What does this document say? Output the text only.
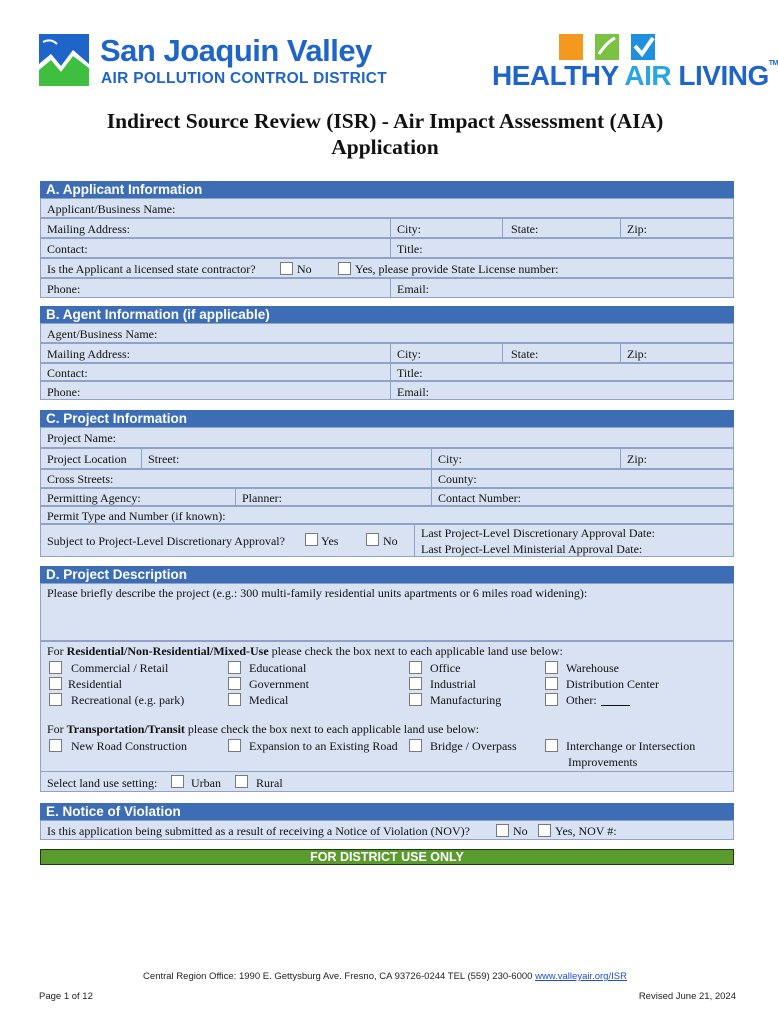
San Joaquin Valley
AIR POLLUTION CONTROL DISTRICT	HEALTHY AIR LIVING™
Indirect Source Review (ISR) - Air Impact Assessment (AIA)
Application
A. Applicant Information
Applicant/Business Name:
Mailing Address:	City:	State:	Zip:
Contact:	Title:
Is the Applicant a licensed state contractor?	No	Yes, please provide State License number:
Phone:	Email:
B. Agent Information (if applicable)
Agent/Business Name:
Mailing Address:	City:	State:	Zip:
Contact:	Title:
Phone:	Email:
C. Project Information
Project Name:
Project Location Street:	City:	Zip:
Cross Streets:	County:
Permitting Agency:	Planner:	Contact Number:
Permit Type and Number (if known):
Subject to Project-Level Discretionary Approval?	Yes	No
Last Project-Level Discretionary Approval Date:
Last Project-Level Ministerial Approval Date:
D. Project Description
Please briefly describe the project (e.g.: 300 multi-family residential units apartments or 6 miles road widening):
For Residential/Non-Residential/Mixed-Use please check the box next to each applicable land use below:
Commercial / Retail	Educational	Office	Warehouse
Residential	Government	Industrial	Distribution Center
Recreational (e.g. park)	Medical	Manufacturing	Other:
For Transportation/Transit please check the box next to each applicable land use below:
New Road Construction	Expansion to an Existing Road	Bridge / Overpass	Interchange or Intersection
Improvements
Select land use setting:	Urban	Rural
E. Notice of Violation
Is this application being submitted as a result of receiving a Notice of Violation (NOV)?	No Yes, NOV #:
FOR DISTRICT USE ONLY
Central Region Office: 1990 E. Gettysburg Ave. Fresno, CA 93726-0244 TEL (559) 230-6000 www.valleyair.org/ISR
Page 1 of 12	Revised June 21, 2024
